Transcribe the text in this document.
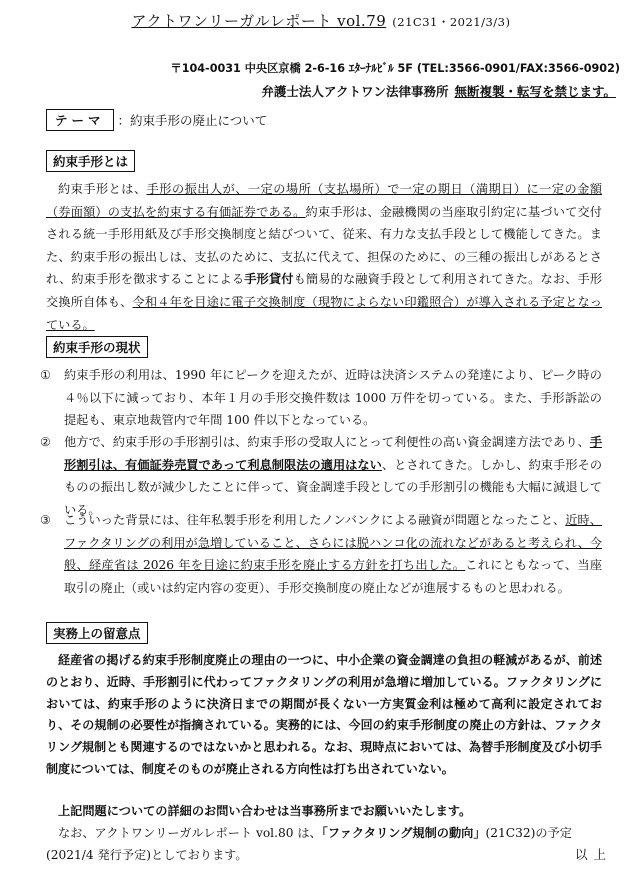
アクトワンリーガルレポート vol.79 (21C31・2021/3/3)
〒104-0031 中央区京橋 2-6-16 ｴﾀｰﾅﾙﾋﾞﾙ 5F (TEL:3566-0901/FAX:3566-0902)
弁護士法人アクトワン法律事務所 無断複製・転写を禁じます。
テーマ ：約束手形の廃止について
約束手形とは

約束手形とは、手形の振出人が、一定の場所（支払場所）で一定の期日（満期日）に一定の金額（券面額）の支払を約束する有価証券である。約束手形は、金融機関の当座取引約定に基づいて交付される統一手形用紙及び手形交換制度と結びついて、従来、有力な支払手段として機能してきた。また、約束手形の振出しは、支払のために、支払に代えて、担保のために、の三種の振出しがあるとされ、約束手形を徴求することによる手形貸付も簡易的な融資手段として利用されてきた。なお、手形交換所自体も、令和４年を目途に電子交換制度（現物によらない印鑑照合）が導入される予定となっている。

約束手形の現状
① 約束手形の利用は、1990 年にピークを迎えたが、近時は決済システムの発達により、ピーク時の４％以下に減っており、本年１月の手形交換件数は 1000 万件を切っている。また、手形訴訟の提起も、東京地裁管内で年間 100 件以下となっている。
② 他方で、約束手形の手形割引は、約束手形の受取人にとって利便性の高い資金調達方法であり、手形割引は、有価証券売買であって利息制限法の適用はない、とされてきた。しかし、約束手形そのものの振出し数が減少したことに伴って、資金調達手段としての手形割引の機能も大幅に減退している。
③ こういった背景には、往年私製手形を利用したノンバンクによる融資が問題となったこと、近時、ファクタリングの利用が急増していること、さらには脱ハンコ化の流れなどがあると考えられ、今般、経産省は 2026 年を目途に約束手形を廃止する方針を打ち出した。これにともなって、当座取引の廃止（或いは約定内容の変更）、手形交換制度の廃止などが進展するものと思われる。
実務上の留意点

経産省の掲げる約束手形制度廃止の理由の一つに、中小企業の資金調達の負担の軽減があるが、前述のとおり、近時、手形割引に代わってファクタリングの利用が急増に増加している。ファクタリングにおいては、約束手形のように決済日までの期間が長くない一方実質金利は極めて高利に設定されており、その規制の必要性が指摘されている。実務的には、今回の約束手形制度の廃止の方針は、ファクタリング規制とも関連するのではないかと思われる。なお、現時点においては、為替手形制度及び小切手制度については、制度そのものが廃止される方向性は打ち出されていない。

上記問題についての詳細のお問い合わせは当事務所までお願いいたします。
なお、アクトワンリーガルレポート vol.80 は、「ファクタリング規制の動向」(21C32)の予定(2021/4 発行予定)としております。	以上
